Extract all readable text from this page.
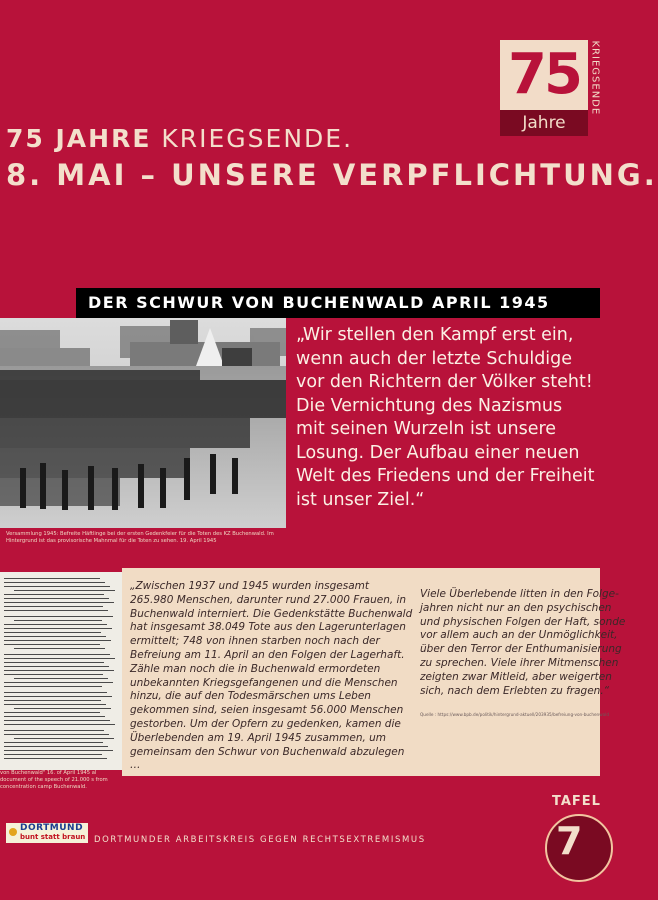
75
Jahre
KRIEGSENDE
75 JAHRE KRIEGSENDE.
8. MAI – UNSERE VERPFLICHTUNG.
DER SCHWUR VON BUCHENWALD APRIL 1945
Versammlung 1945: Befreite Häftlinge bei der ersten Gedenkfeier für die Toten des KZ Buchenwald. Im Hintergrund ist das provisorische Mahnmal für die Toten zu sehen. 19. April 1945
„Wir stellen den Kampf erst ein, wenn auch der letzte Schuldige vor den Richtern der Völker steht! Die Vernichtung des Nazismus mit seinen Wurzeln ist unsere Losung. Der Aufbau einer neuen Welt des Friedens und der Freiheit ist unser Ziel.“
von Buchenwald" 16. of April 1945 al document of the speech of 21.000 s from concentration camp Buchenwald.
„Zwischen 1937 und 1945 wurden insgesamt 265.980 Menschen, darunter rund 27.000 Frauen, in Buchenwald interniert. Die Gedenkstätte Buchenwald hat insgesamt 38.049 Tote aus den Lagerunterlagen ermittelt; 748 von ihnen starben noch nach der Befreiung am 11. April an den Folgen der Lagerhaft. Zähle man noch die in Buchenwald ermordeten unbekannten Kriegsgefangenen und die Menschen hinzu, die auf den Todesmärschen ums Leben gekommen sind, seien insgesamt 56.000 Menschen gestorben. Um der Opfern zu gedenken, kamen die Überlebenden am 19. April 1945 zusammen, um gemeinsam den Schwur von Buchenwald abzulegen …
Viele Überlebende litten in den Folge-
jahren nicht nur an den psychischen
und physischen Folgen der Haft, sonde
vor allem auch an der Unmöglichkeit,
über den Terror der Enthumanisierung
zu sprechen. Viele ihrer Mitmenschen
zeigten zwar Mitleid, aber weigerten
sich, nach dem Erlebten zu fragen.“
Quelle : https://www.bpb.de/politik/hintergrund-aktuell/203935/befreiung-von-buchenwald
TAFEL
7
DORTMUND
bunt statt braun DORTMUNDER ARBEITSKREIS GEGEN RECHTSEXTREMISMUS
